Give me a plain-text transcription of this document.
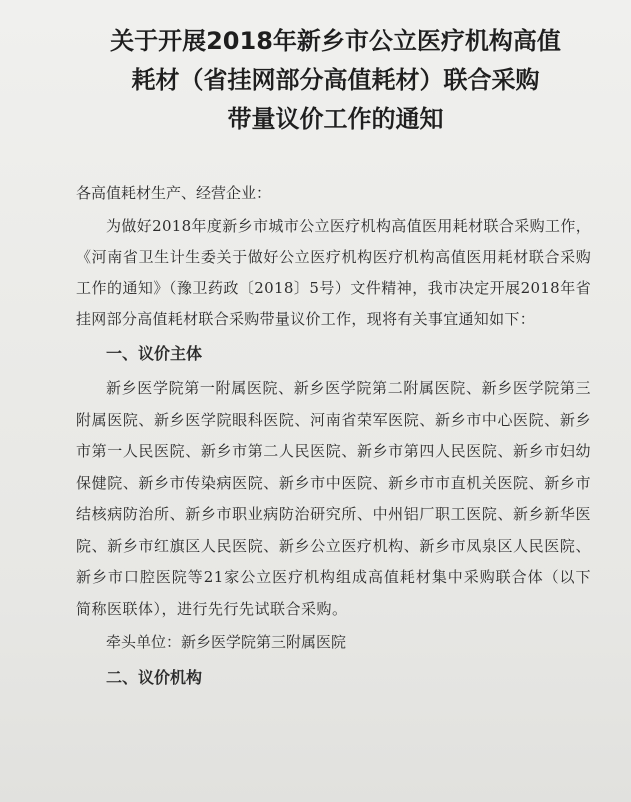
关于开展2018年新乡市公立医疗机构高值
耗材（省挂网部分高值耗材）联合采购
带量议价工作的通知
各高值耗材生产、经营企业：
为做好2018年度新乡市城市公立医疗机构高值医用耗材联合采购工作，《河南省卫生计生委关于做好公立医疗机构医疗机构高值医用耗材联合采购工作的通知》（豫卫药政〔2018〕5号）文件精神，我市决定开展2018年省挂网部分高值耗材联合采购带量议价工作，现将有关事宜通知如下：
一、议价主体
新乡医学院第一附属医院、新乡医学院第二附属医院、新乡医学院第三附属医院、新乡医学院眼科医院、河南省荣军医院、新乡市中心医院、新乡市第一人民医院、新乡市第二人民医院、新乡市第四人民医院、新乡市妇幼保健院、新乡市传染病医院、新乡市中医院、新乡市市直机关医院、新乡市结核病防治所、新乡市职业病防治研究所、中州铝厂职工医院、新乡新华医院、新乡市红旗区人民医院、新乡公立医疗机构、新乡市凤泉区人民医院、新乡市口腔医院等21家公立医疗机构组成高值耗材集中采购联合体（以下简称医联体），进行先行先试联合采购。
牵头单位：新乡医学院第三附属医院
二、议价机构
